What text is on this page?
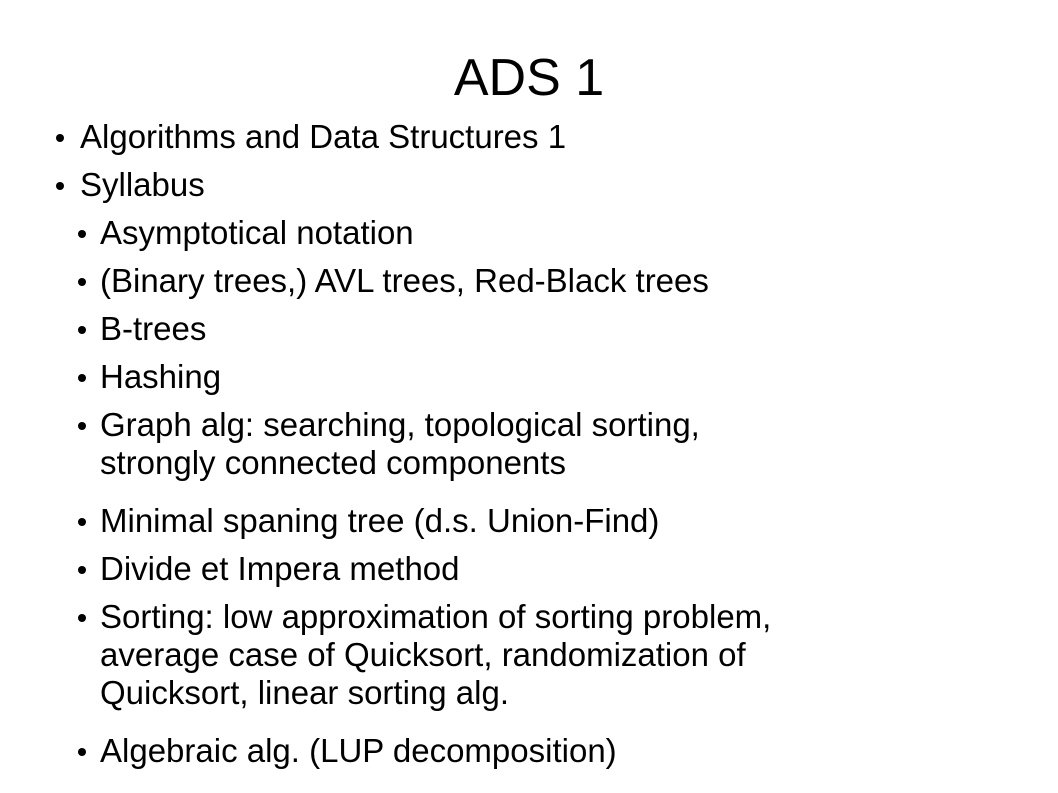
ADS 1
Algorithms and Data Structures 1
Syllabus
Asymptotical notation
(Binary trees,) AVL trees, Red-Black trees
B-trees
Hashing
Graph alg: searching, topological sorting,
strongly connected components
Minimal spaning tree (d.s. Union-Find)
Divide et Impera method
Sorting: low approximation of sorting problem,
average case of Quicksort, randomization of
Quicksort, linear sorting alg.
Algebraic alg. (LUP decomposition)
